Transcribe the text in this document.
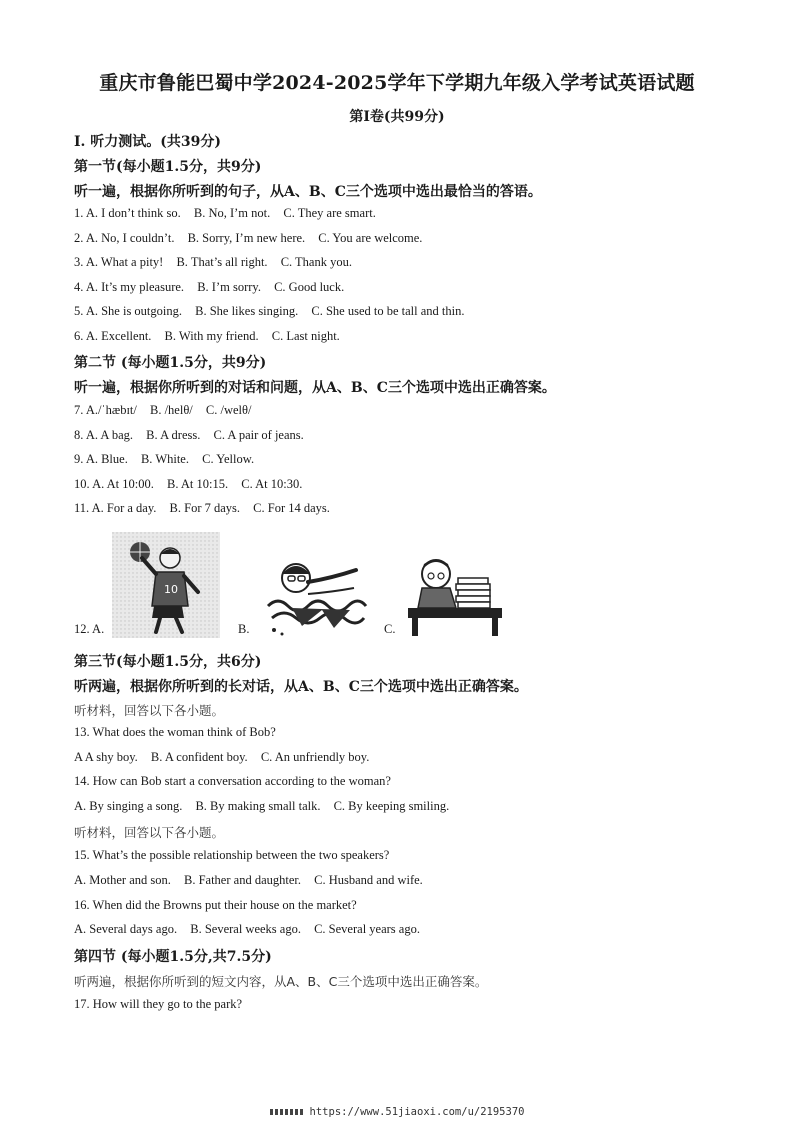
重庆市鲁能巴蜀中学2024-2025学年下学期九年级入学考试英语试题
第Ⅰ卷(共99分)
Ⅰ. 听力测试。(共39分)
第一节(每小题1.5分，共9分)
听一遍，根据你所听到的句子，从A、B、C三个选项中选出最恰当的答语。
1. A. I don’t think so. B. No, I’m not. C. They are smart.
2. A. No, I couldn’t. B. Sorry, I’m new here. C. You are welcome.
3. A. What a pity! B. That’s all right. C. Thank you.
4. A. It’s my pleasure. B. I’m sorry. C. Good luck.
5. A. She is outgoing. B. She likes singing. C. She used to be tall and thin.
6. A. Excellent. B. With my friend. C. Last night.
第二节 (每小题1.5分，共9分)
听一遍，根据你所听到的对话和问题，从A、B、C三个选项中选出正确答案。
7. A./ˈhæbɪt/ B. /helθ/ C. /welθ/
8. A. A bag. B. A dress. C. A pair of jeans.
9. A. Blue. B. White. C. Yellow.
10. A. At 10:00. B. At 10:15. C. At 10:30.
11. A. For a day. B. For 7 days. C. For 14 days.
12. A.
10
B.	C.
第三节(每小题1.5分，共6分)
听两遍，根据你所听到的长对话，从A、B、C三个选项中选出正确答案。
听材料，回答以下各小题。
13. What does the woman think of Bob?
A A shy boy. B. A confident boy. C. An unfriendly boy.
14. How can Bob start a conversation according to the woman?
A. By singing a song. B. By making small talk. C. By keeping smiling.
听材料，回答以下各小题。
15. What’s the possible relationship between the two speakers?
A. Mother and son. B. Father and daughter. C. Husband and wife.
16. When did the Browns put their house on the market?
A. Several days ago. B. Several weeks ago. C. Several years ago.
第四节 (每小题1.5分,共7.5分)
听两遍，根据你所听到的短文内容，从A、B、C三个选项中选出正确答案。
17. How will they go to the park?
https://www.51jiaoxi.com/u/2195370
